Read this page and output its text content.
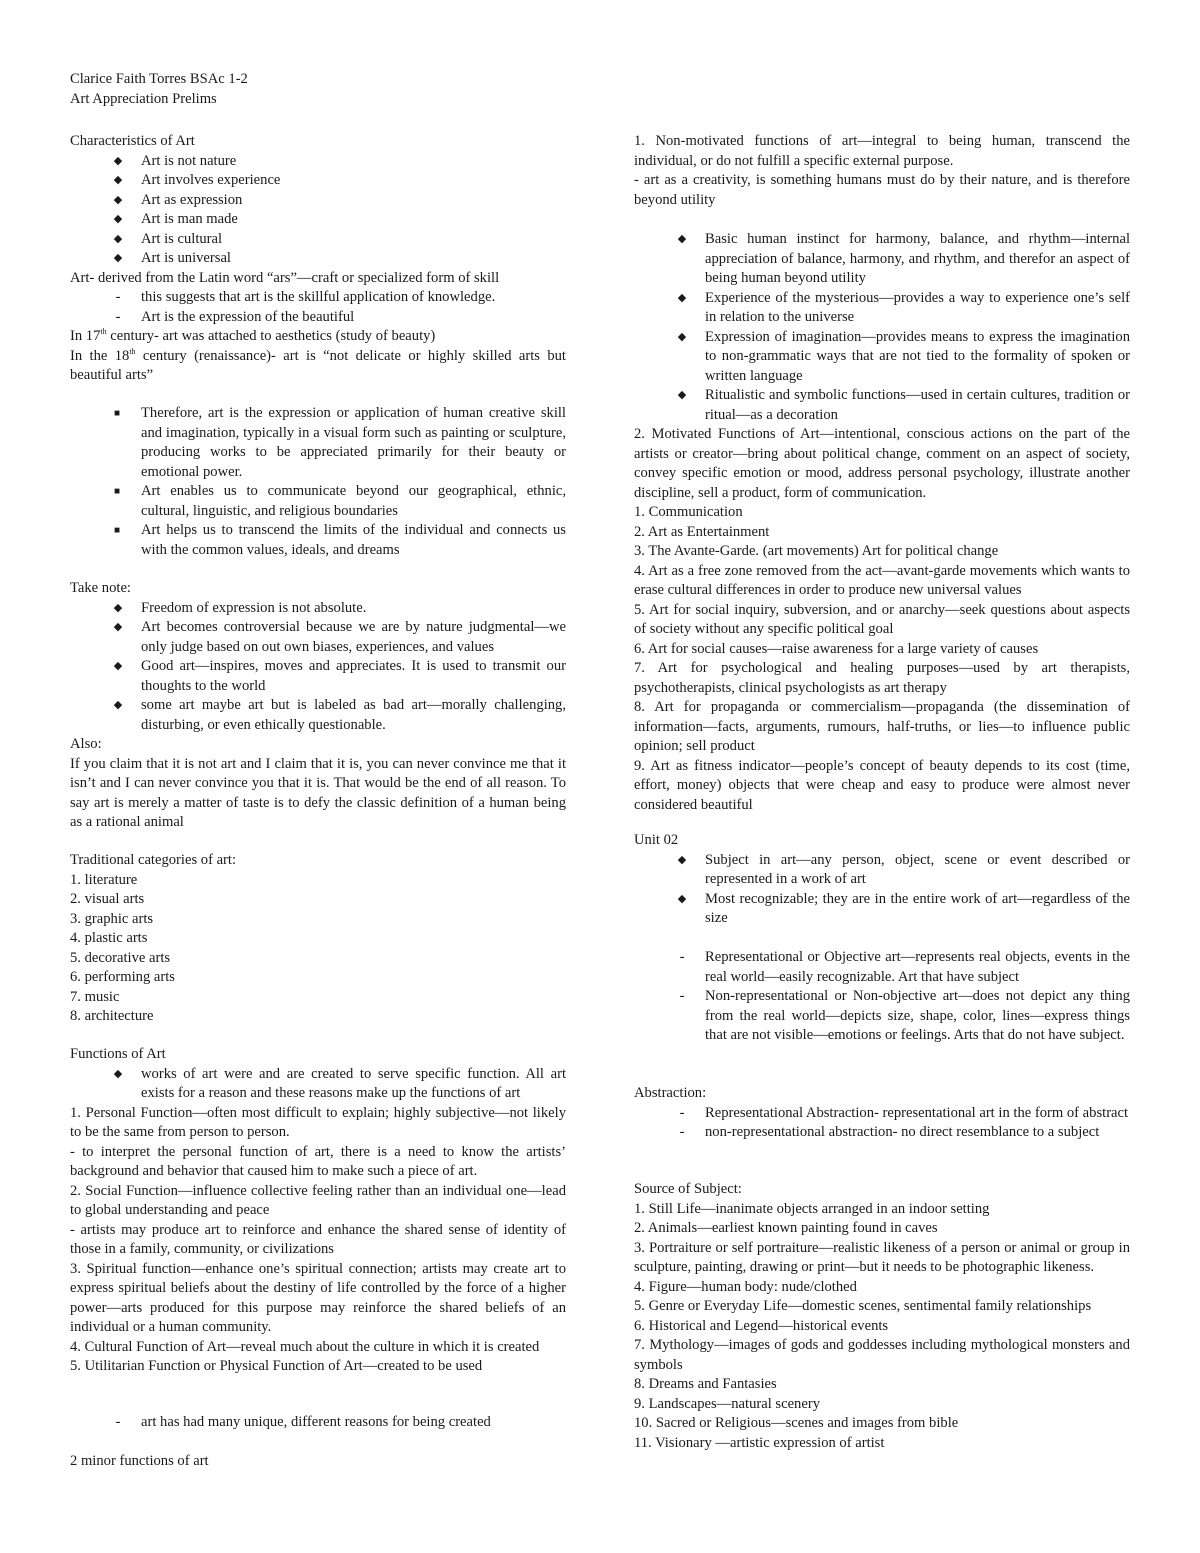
Clarice Faith Torres BSAc 1-2

Art Appreciation Prelims

Characteristics of Art

◆	Art is not nature
◆	Art involves experience
◆	Art as expression
◆	Art is man made
◆	Art is cultural
◆	Art is universal

Art- derived from the Latin word “ars”—craft or specialized form of skill

-	this suggests that art is the skillful application of knowledge.
-	Art is the expression of the beautiful

In 17th century- art was attached to aesthetics (study of beauty)

In the 18th century (renaissance)- art is “not delicate or highly skilled arts but beautiful arts”

■	Therefore, art is the expression or application of human creative skill and imagination, typically in a visual form such as painting or sculpture, producing works to be appreciated primarily for their beauty or emotional power.
■	Art enables us to communicate beyond our geographical, ethnic, cultural, linguistic, and religious boundaries
■	Art helps us to transcend the limits of the individual and connects us with the common values, ideals, and dreams

Take note:

◆	Freedom of expression is not absolute.
◆	Art becomes controversial because we are by nature judgmental—we only judge based on out own biases, experiences, and values
◆	Good art—inspires, moves and appreciates. It is used to transmit our thoughts to the world
◆	some art maybe art but is labeled as bad art—morally challenging, disturbing, or even ethically questionable.

Also:

If you claim that it is not art and I claim that it is, you can never convince me that it isn’t and I can never convince you that it is. That would be the end of all reason. To say art is merely a matter of taste is to defy the classic definition of a human being as a rational animal

Traditional categories of art:

1. literature

2. visual arts

3. graphic arts

4. plastic arts

5. decorative arts

6. performing arts

7. music

8. architecture

Functions of Art

◆	works of art were and are created to serve specific function. All art exists for a reason and these reasons make up the functions of art

1. Personal Function—often most difficult to explain; highly subjective—not likely to be the same from person to person.

- to interpret the personal function of art, there is a need to know the artists’ background and behavior that caused him to make such a piece of art.

2. Social Function—influence collective feeling rather than an individual one—lead to global understanding and peace

- artists may produce art to reinforce and enhance the shared sense of identity of those in a family, community, or civilizations

3. Spiritual function—enhance one’s spiritual connection; artists may create art to express spiritual beliefs about the destiny of life controlled by the force of a higher power—arts produced for this purpose may reinforce the shared beliefs of an individual or a human community.

4. Cultural Function of Art—reveal much about the culture in which it is created

5. Utilitarian Function or Physical Function of Art—created to be used

-	art has had many unique, different reasons for being created

2 minor functions of art

1. Non-motivated functions of art—integral to being human, transcend the individual, or do not fulfill a specific external purpose.

- art as a creativity, is something humans must do by their nature, and is therefore beyond utility

◆	Basic human instinct for harmony, balance, and rhythm—internal appreciation of balance, harmony, and rhythm, and therefor an aspect of being human beyond utility
◆	Experience of the mysterious—provides a way to experience one’s self in relation to the universe
◆	Expression of imagination—provides means to express the imagination to non-grammatic ways that are not tied to the formality of spoken or written language
◆	Ritualistic and symbolic functions—used in certain cultures, tradition or ritual—as a decoration

2. Motivated Functions of Art—intentional, conscious actions on the part of the artists or creator—bring about political change, comment on an aspect of society, convey specific emotion or mood, address personal psychology, illustrate another discipline, sell a product, form of communication.

1. Communication

2. Art as Entertainment

3. The Avante-Garde. (art movements) Art for political change

4. Art as a free zone removed from the act—avant-garde movements which wants to erase cultural differences in order to produce new universal values

5. Art for social inquiry, subversion, and or anarchy—seek questions about aspects of society without any specific political goal

6. Art for social causes—raise awareness for a large variety of causes

7. Art for psychological and healing purposes—used by art therapists, psychotherapists, clinical psychologists as art therapy

8. Art for propaganda or commercialism—propaganda (the dissemination of information—facts, arguments, rumours, half-truths, or lies—to influence public opinion; sell product

9. Art as fitness indicator—people’s concept of beauty depends to its cost (time, effort, money) objects that were cheap and easy to produce were almost never considered beautiful

Unit 02

◆	Subject in art—any person, object, scene or event described or represented in a work of art
◆	Most recognizable; they are in the entire work of art—regardless of the size
-	Representational or Objective art—represents real objects, events in the real world—easily recognizable. Art that have subject
-	Non-representational or Non-objective art—does not depict any thing from the real world—depicts size, shape, color, lines—express things that are not visible—emotions or feelings. Arts that do not have subject.

Abstraction:

-	Representational Abstraction- representational art in the form of abstract
-	non-representational abstraction- no direct resemblance to a subject

Source of Subject:

1. Still Life—inanimate objects arranged in an indoor setting

2. Animals—earliest known painting found in caves

3. Portraiture or self portraiture—realistic likeness of a person or animal or group in sculpture, painting, drawing or print—but it needs to be photographic likeness.

4. Figure—human body: nude/clothed

5. Genre or Everyday Life—domestic scenes, sentimental family relationships

6. Historical and Legend—historical events

7. Mythology—images of gods and goddesses including mythological monsters and symbols

8. Dreams and Fantasies

9. Landscapes—natural scenery

10. Sacred or Religious—scenes and images from bible

11. Visionary —artistic expression of artist
